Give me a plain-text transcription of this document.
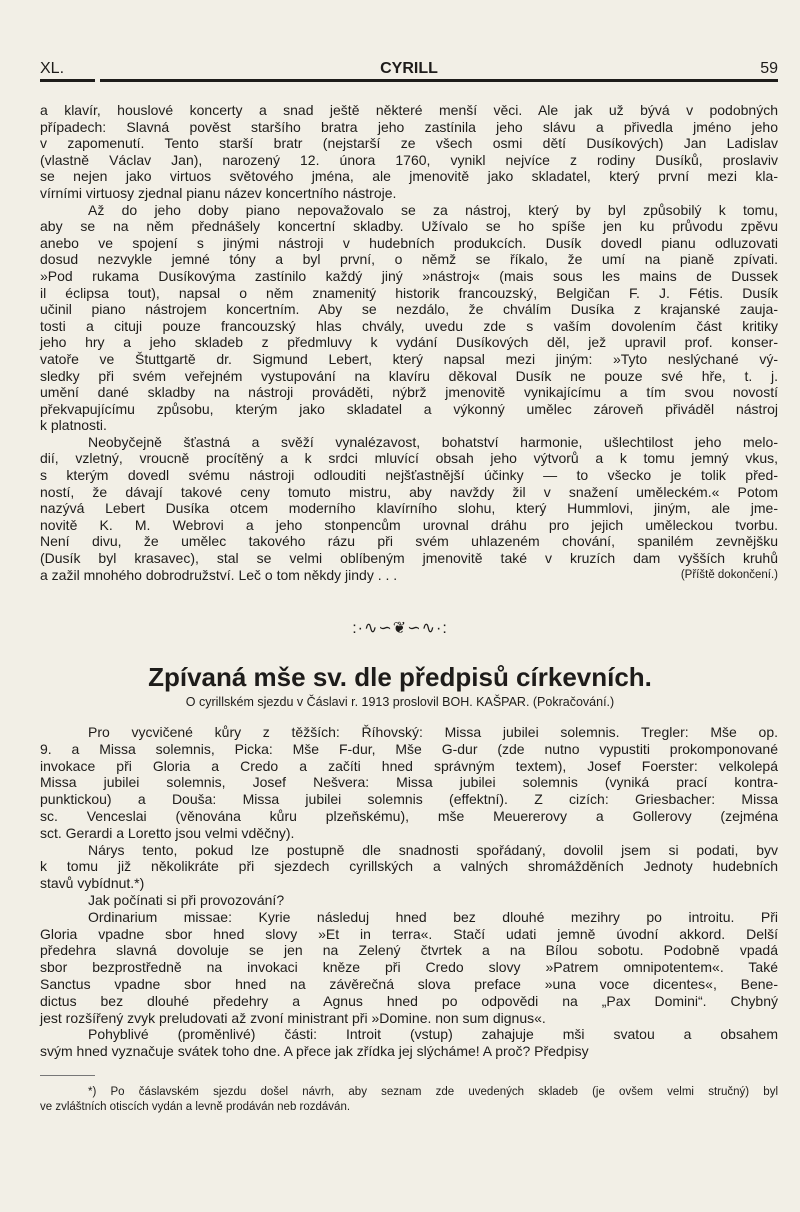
XL.	CYRILL	59
a klavír, houslové koncerty a snad ještě některé menší věci. Ale jak už bývá v podobných
případech: Slavná pověst staršího bratra jeho zastínila jeho slávu a přivedla jméno jeho
v zapomenutí. Tento starší bratr (nejstarší ze všech osmi dětí Dusíkových) Jan Ladislav
(vlastně Václav Jan), narozený 12. února 1760, vynikl nejvíce z rodiny Dusíků, proslaviv
se nejen jako virtuos světového jména, ale jmenovitě jako skladatel, který první mezi kla-
vírními virtuosy zjednal pianu název koncertního nástroje.
Až do jeho doby piano nepovažovalo se za nástroj, který by byl způsobilý k tomu,
aby se na něm přednášely koncertní skladby. Užívalo se ho spíše jen ku průvodu zpěvu
anebo ve spojení s jinými nástroji v hudebních produkcích. Dusík dovedl pianu odluzovati
dosud nezvykle jemné tóny a byl první, o němž se říkalo, že umí na pianě zpívati.
»Pod rukama Dusíkovýma zastínilo každý jiný »nástroj« (mais sous les mains de Dussek
il éclipsa tout), napsal o něm znamenitý historik francouzský, Belgičan F. J. Fétis. Dusík
učinil piano nástrojem koncertním. Aby se nezdálo, že chválím Dusíka z krajanské zauja-
tosti a cituji pouze francouzský hlas chvály, uvedu zde s vaším dovolením část kritiky
jeho hry a jeho skladeb z předmluvy k vydání Dusíkových děl, jež upravil prof. konser-
vatoře ve Štuttgartě dr. Sigmund Lebert, který napsal mezi jiným: »Tyto neslýchané vý-
sledky při svém veřejném vystupování na klavíru děkoval Dusík ne pouze své hře, t. j.
umění dané skladby na nástroji prováděti, nýbrž jmenovitě vynikajícímu a tím svou novostí
překvapujícímu způsobu, kterým jako skladatel a výkonný umělec zároveň přiváděl nástroj
k platnosti.
Neobyčejně šťastná a svěží vynalézavost, bohatství harmonie, ušlechtilost jeho melo-
dií, vzletný, vroucně procítěný a k srdci mluvící obsah jeho výtvorů a k tomu jemný vkus,
s kterým dovedl svému nástroji odlouditi nejšťastnější účinky — to všecko je tolik před-
ností, že dávají takové ceny tomuto mistru, aby navždy žil v snažení uměleckém.« Potom
nazývá Lebert Dusíka otcem moderního klavírního slohu, který Hummlovi, jiným, ale jme-
novitě K. M. Webrovi a jeho stonpencům urovnal dráhu pro jejich uměleckou tvorbu.
Není divu, že umělec takového rázu při svém uhlazeném chování, spanilém zevnějšku
(Dusík byl krasavec), stal se velmi oblíbeným jmenovitě také v kruzích dam vyšších kruhů
a zažil mnohého dobrodružství. Leč o tom někdy jindy . . .	(Příště dokončení.)
:·∿∽❦∽∿·:
Zpívaná mše sv. dle předpisů církevních.
O cyrillském sjezdu v Čáslavi r. 1913 proslovil BOH. KAŠPAR. (Pokračování.)
Pro vycvičené kůry z těžších: Říhovský: Missa jubilei solemnis. Tregler: Mše op.
9. a Missa solemnis, Picka: Mše F-dur, Mše G-dur (zde nutno vypustiti prokomponované
invokace při Gloria a Credo a začíti hned správným textem), Josef Foerster: velkolepá
Missa jubilei solemnis, Josef Nešvera: Missa jubilei solemnis (vyniká prací kontra-
punktickou) a Douša: Missa jubilei solemnis (effektní). Z cizích: Griesbacher: Missa
sc. Venceslai (věnována kůru plzeňskému), mše Meuererovy a Gollerovy (zejména
sct. Gerardi a Loretto jsou velmi vděčny).
Nárys tento, pokud lze postupně dle snadnosti spořádaný, dovolil jsem si podati, byv
k tomu již několikráte při sjezdech cyrillských a valných shromážděních Jednoty hudebních
stavů vybídnut.*)
Jak počínati si při provozování?
Ordinarium missae: Kyrie následuj hned bez dlouhé mezihry po introitu. Při
Gloria vpadne sbor hned slovy »Et in terra«. Stačí udati jemně úvodní akkord. Delší
předehra slavná dovoluje se jen na Zelený čtvrtek a na Bílou sobotu. Podobně vpadá
sbor bezprostředně na invokaci kněze při Credo slovy »Patrem omnipotentem«. Také
Sanctus vpadne sbor hned na závěrečná slova preface »una voce dicentes«, Bene-
dictus bez dlouhé předehry a Agnus hned po odpovědi na „Pax Domini“. Chybný
jest rozšířený zvyk preludovati až zvoní ministrant při »Domine. non sum dignus«.
Pohyblivé (proměnlivé) části: Introit (vstup) zahajuje mši svatou a obsahem
svým hned vyznačuje svátek toho dne. A přece jak zřídka jej slýcháme! A proč? Předpisy
*) Po čáslavském sjezdu došel návrh, aby seznam zde uvedených skladeb (je ovšem velmi stručný) byl
ve zvláštních otiscích vydán a levně prodáván neb rozdáván.
